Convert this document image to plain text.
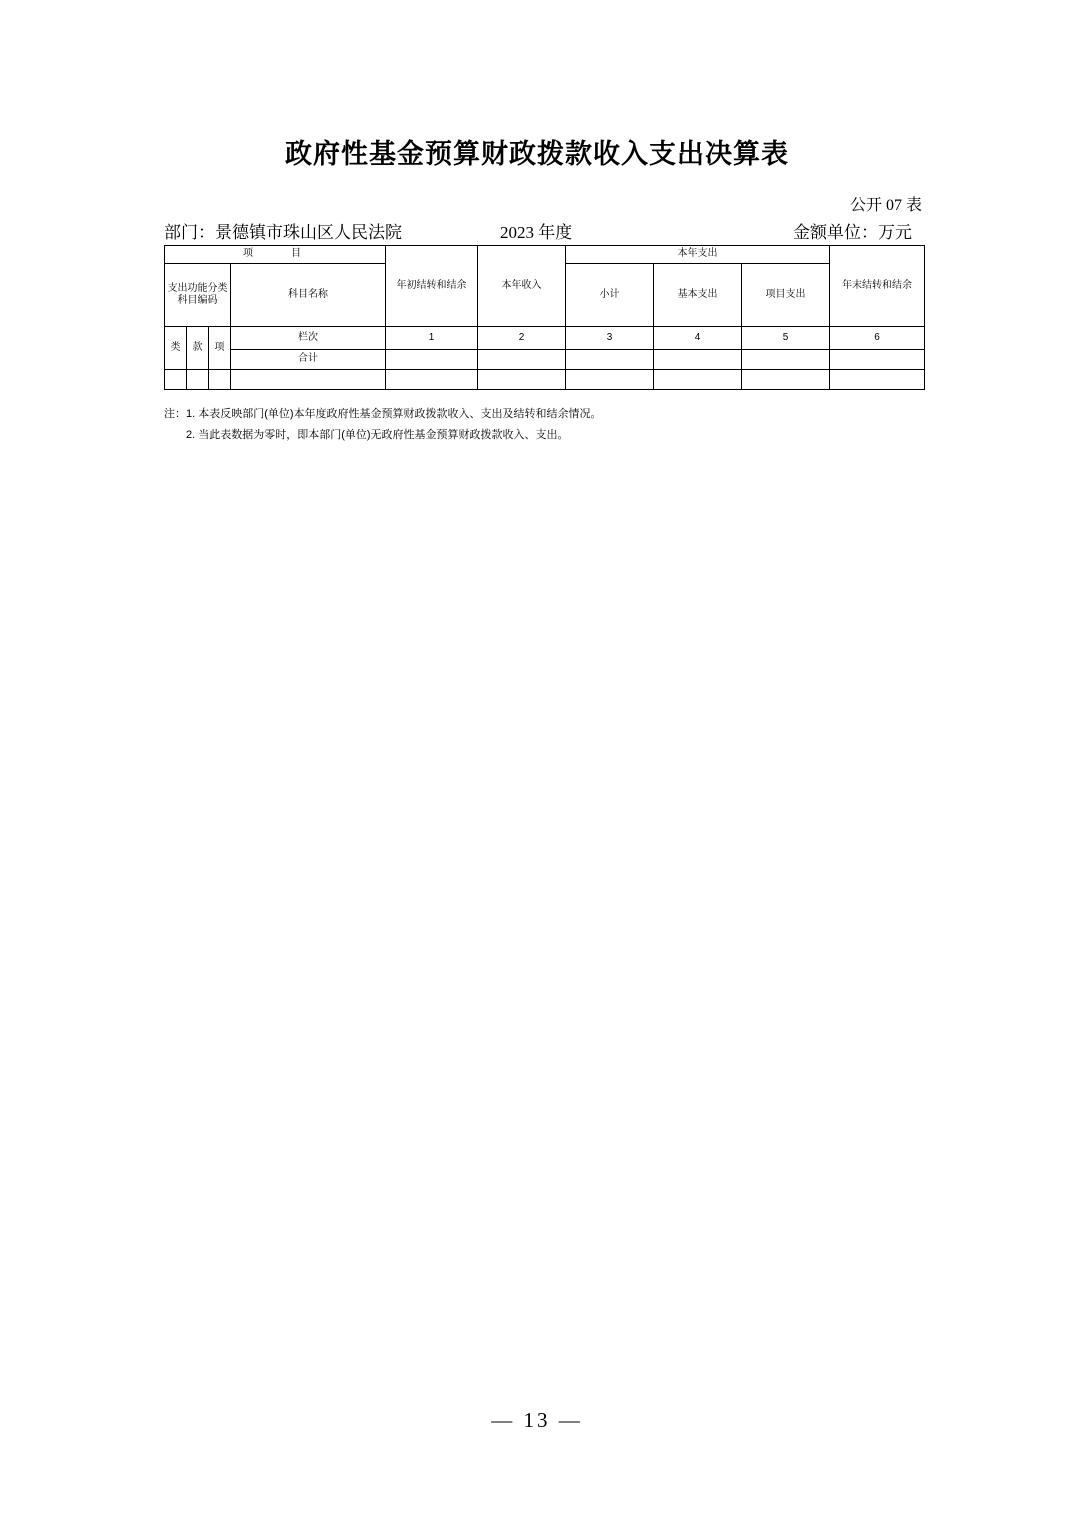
政府性基金预算财政拨款收入支出决算表
公开 07 表
部门：景德镇市珠山区人民法院	2023 年度	金额单位：万元
项　　目				年初结转和结余	本年收入	本年支出			年末结转和结余
支出功能分类科目编码			科目名称			小计	基本支出	项目支出	
类	款	项	栏次	1	2	3	4	5	6
			合计						

注：1. 本表反映部门(单位)本年度政府性基金预算财政拨款收入、支出及结转和结余情况。
2. 当此表数据为零时，即本部门(单位)无政府性基金预算财政拨款收入、支出。
— 13 —
